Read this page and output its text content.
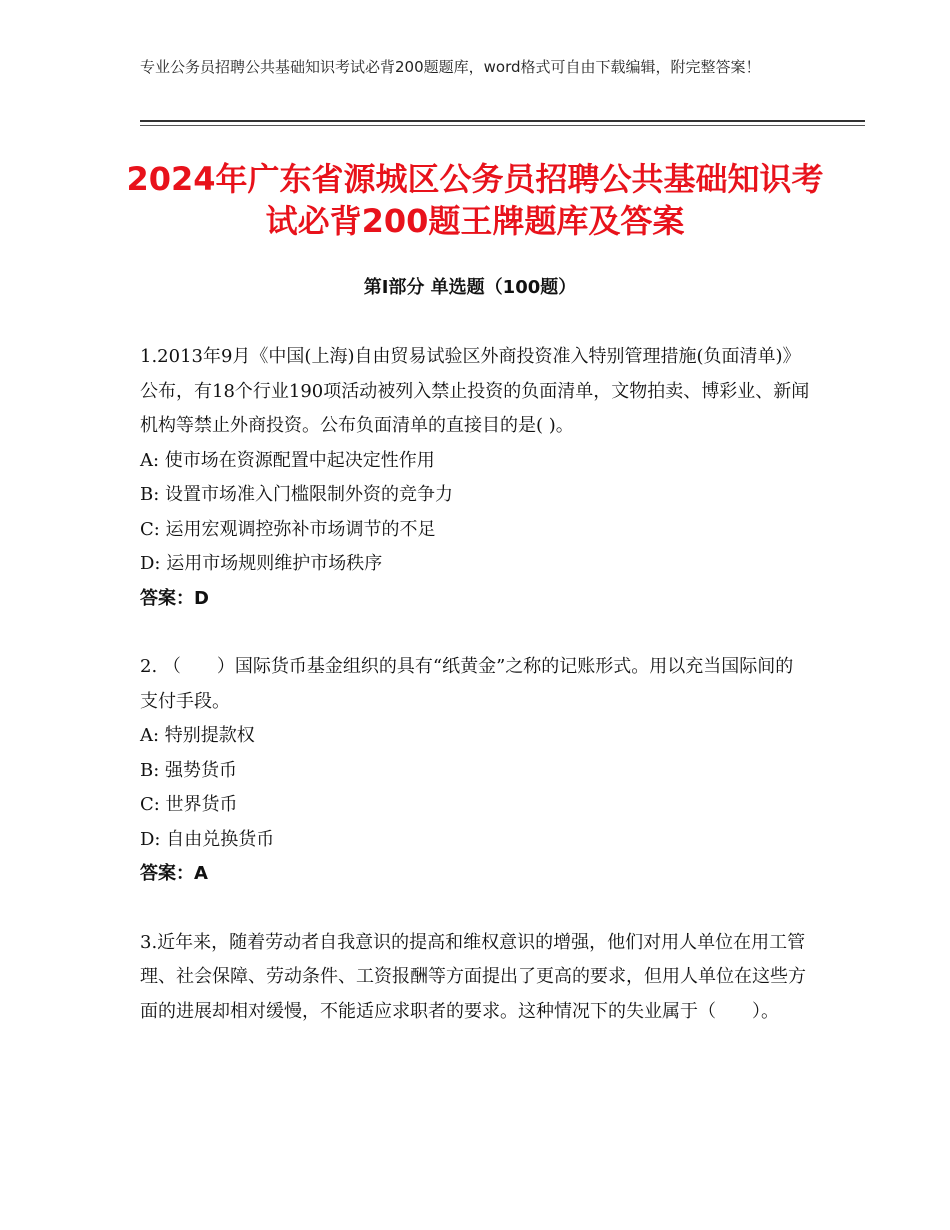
专业公务员招聘公共基础知识考试必背200题题库，word格式可自由下载编辑，附完整答案！
2024年广东省源城区公务员招聘公共基础知识考试必背200题王牌题库及答案
第Ⅰ部分 单选题（100题）

1.2013年9月《中国(上海)自由贸易试验区外商投资准入特别管理措施(负面清单)》公布，有18个行业190项活动被列入禁止投资的负面清单，文物拍卖、博彩业、新闻机构等禁止外商投资。公布负面清单的直接目的是( )。

A: 使市场在资源配置中起决定性作用

B: 设置市场准入门槛限制外资的竞争力

C: 运用宏观调控弥补市场调节的不足

D: 运用市场规则维护市场秩序

答案：D

2. （　　）国际货币基金组织的具有“纸黄金”之称的记账形式。用以充当国际间的支付手段。

A: 特别提款权

B: 强势货币

C: 世界货币

D: 自由兑换货币

答案：A

3.近年来，随着劳动者自我意识的提高和维权意识的增强，他们对用人单位在用工管理、社会保障、劳动条件、工资报酬等方面提出了更高的要求，但用人单位在这些方面的进展却相对缓慢，不能适应求职者的要求。这种情况下的失业属于（　　）。
